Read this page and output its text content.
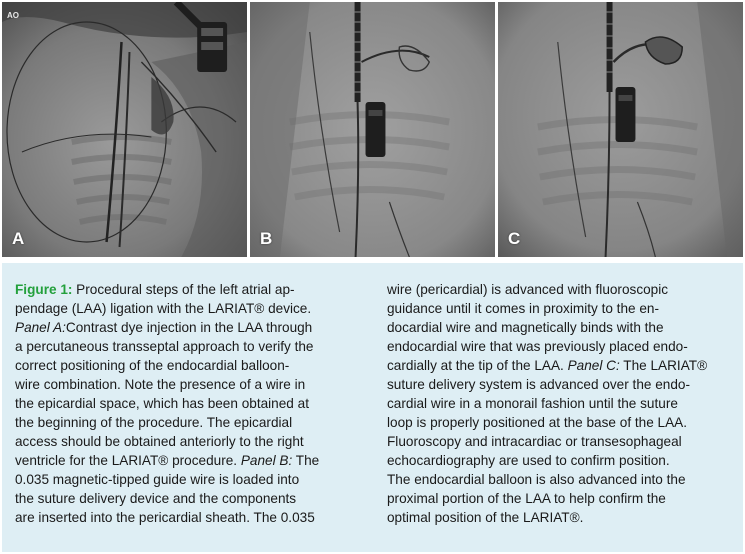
AO
A	B	C
Figure 1: Procedural steps of the left atrial ap-
pendage (LAA) ligation with the LARIAT® device.
Panel A:Contrast dye injection in the LAA through
a percutaneous transseptal approach to verify the
correct positioning of the endocardial balloon-
wire combination. Note the presence of a wire in
the epicardial space, which has been obtained at
the beginning of the procedure. The epicardial
access should be obtained anteriorly to the right
ventricle for the LARIAT® procedure. Panel B: The
0.035 magnetic-tipped guide wire is loaded into
the suture delivery device and the components
are inserted into the pericardial sheath. The 0.035
wire (pericardial) is advanced with fluoroscopic
guidance until it comes in proximity to the en-
docardial wire and magnetically binds with the
endocardial wire that was previously placed endo-
cardially at the tip of the LAA. Panel C: The LARIAT®
suture delivery system is advanced over the endo-
cardial wire in a monorail fashion until the suture
loop is properly positioned at the base of the LAA.
Fluoroscopy and intracardiac or transesophageal
echocardiography are used to confirm position.
The endocardial balloon is also advanced into the
proximal portion of the LAA to help confirm the
optimal position of the LARIAT®.
